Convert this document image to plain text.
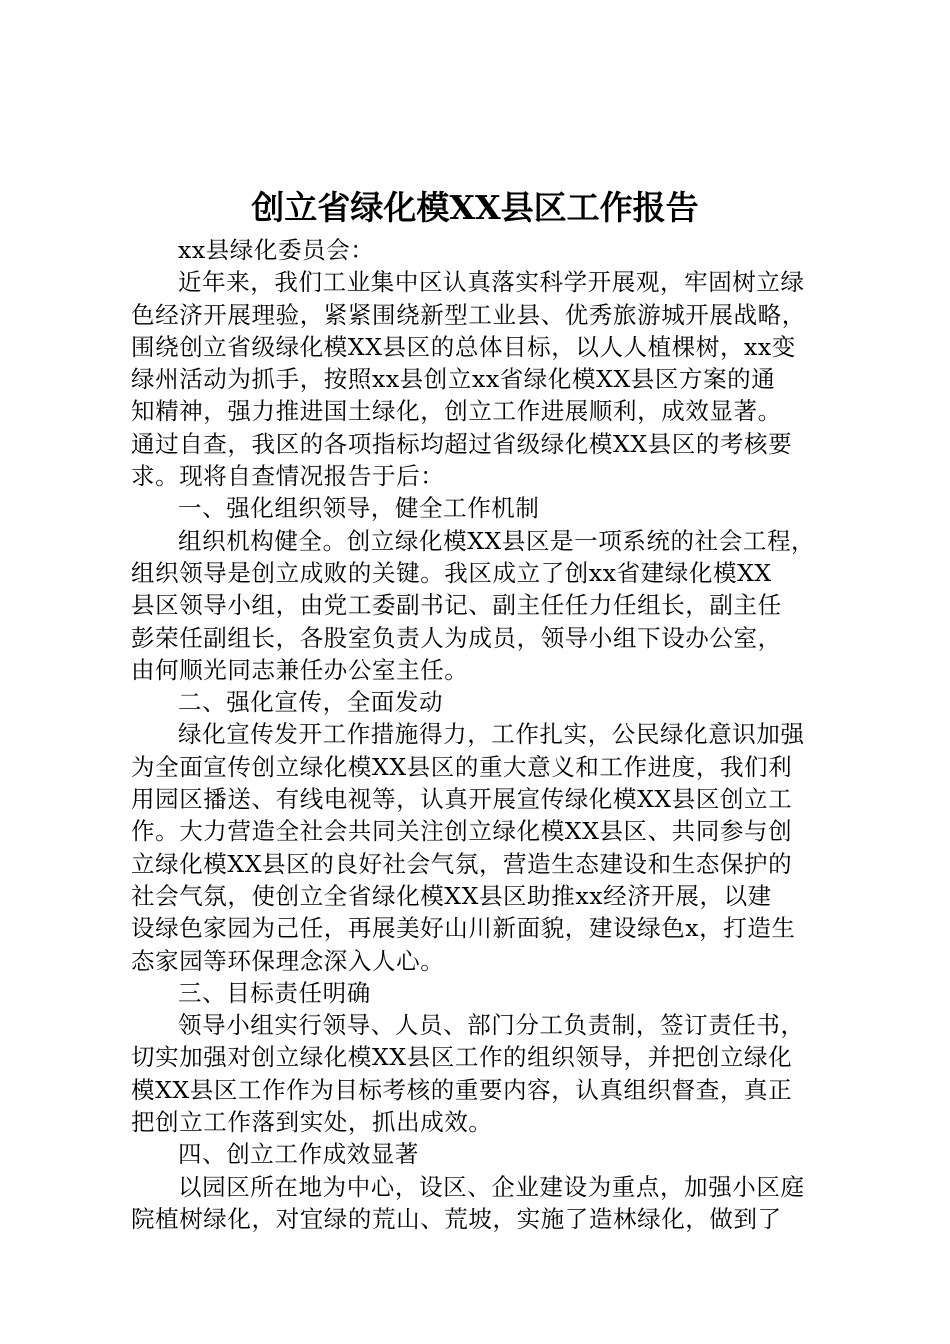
创立省绿化模XX县区工作报告
xx县绿化委员会：
近年来，我们工业集中区认真落实科学开展观，牢固树立绿
色经济开展理验，紧紧围绕新型工业县、优秀旅游城开展战略，
围绕创立省级绿化模XX县区的总体目标，以人人植棵树，xx变
绿州活动为抓手，按照xx县创立xx省绿化模XX县区方案的通
知精神，强力推进国土绿化，创立工作进展顺利，成效显著。
通过自查，我区的各项指标均超过省级绿化模XX县区的考核要
求。现将自查情况报告于后：
一、强化组织领导，健全工作机制
组织机构健全。创立绿化模XX县区是一项系统的社会工程，
组织领导是创立成败的关键。我区成立了创xx省建绿化模XX
县区领导小组，由党工委副书记、副主任任力任组长，副主任
彭荣任副组长，各股室负责人为成员，领导小组下设办公室，
由何顺光同志兼任办公室主任。
二、强化宣传，全面发动
绿化宣传发开工作措施得力，工作扎实，公民绿化意识加强
为全面宣传创立绿化模XX县区的重大意义和工作进度，我们利
用园区播送、有线电视等，认真开展宣传绿化模XX县区创立工
作。大力营造全社会共同关注创立绿化模XX县区、共同参与创
立绿化模XX县区的良好社会气氛，营造生态建设和生态保护的
社会气氛，使创立全省绿化模XX县区助推xx经济开展，以建
设绿色家园为己任，再展美好山川新面貌，建设绿色x，打造生
态家园等环保理念深入人心。
三、目标责任明确
领导小组实行领导、人员、部门分工负责制，签订责任书，
切实加强对创立绿化模XX县区工作的组织领导，并把创立绿化
模XX县区工作作为目标考核的重要内容，认真组织督查，真正
把创立工作落到实处，抓出成效。
四、创立工作成效显著
以园区所在地为中心，设区、企业建设为重点，加强小区庭
院植树绿化，对宜绿的荒山、荒坡，实施了造林绿化，做到了
